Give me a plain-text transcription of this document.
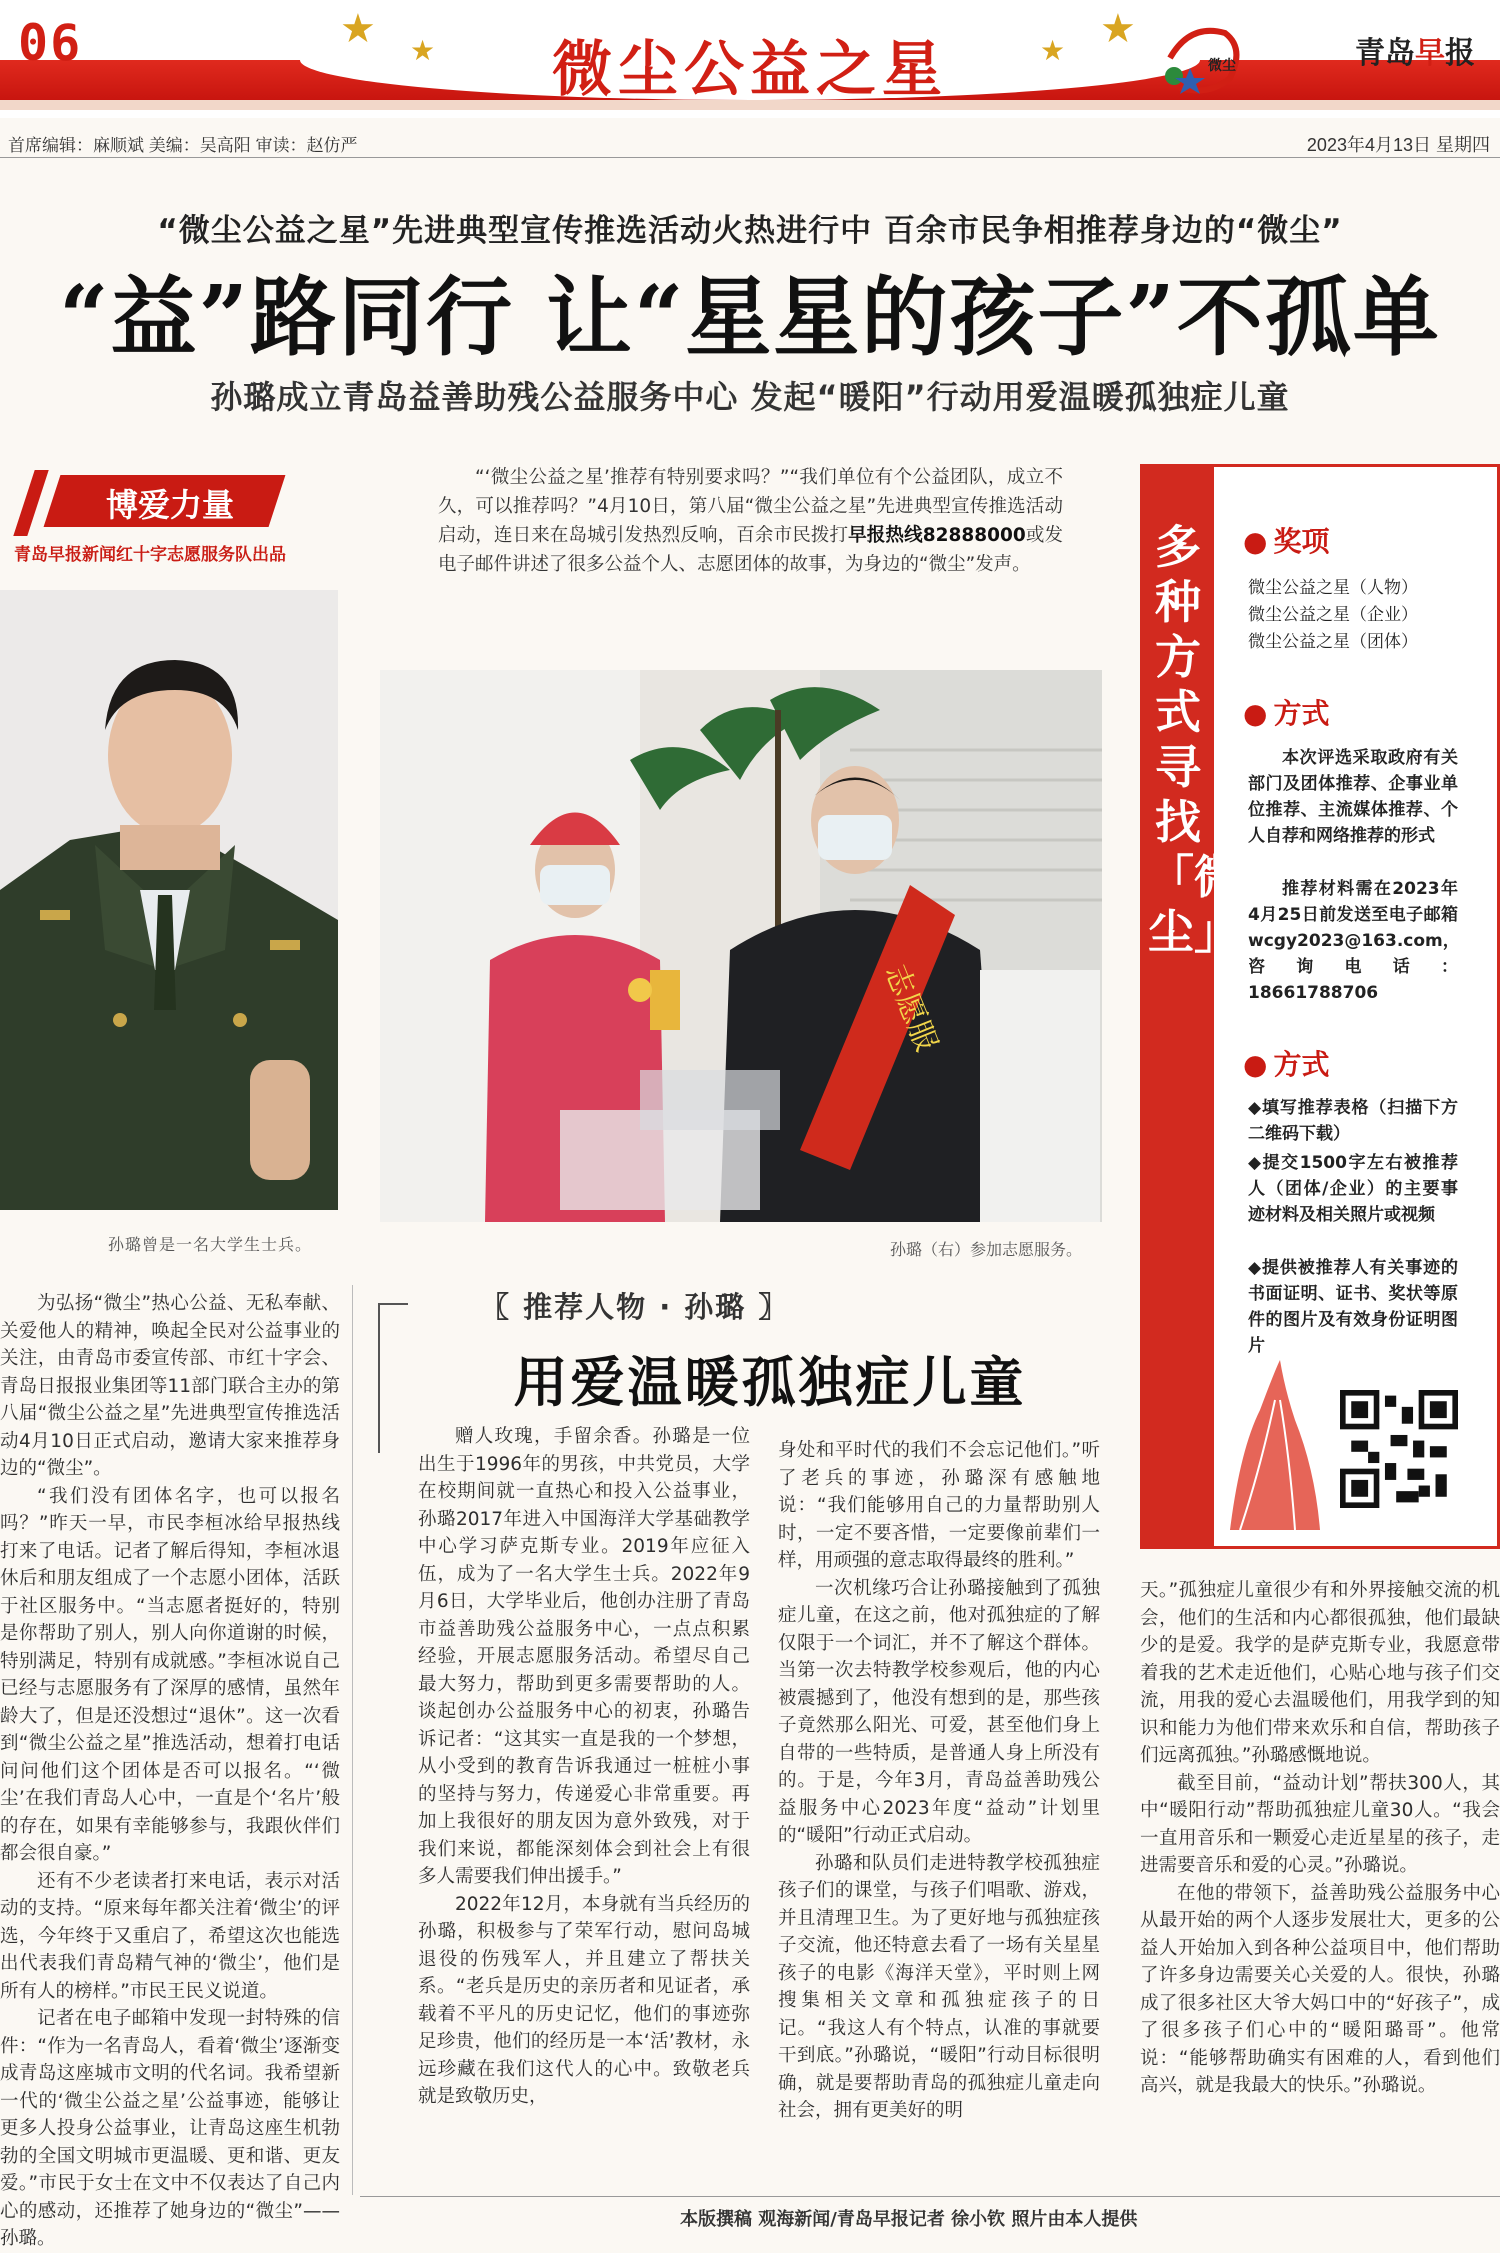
06	★ ★	★ ★
微尘公益之星	微尘	青岛早报
首席编辑：麻顺斌 美编：吴高阳 审读：赵仿严	2023年4月13日 星期四
“微尘公益之星”先进典型宣传推选活动火热进行中 百余市民争相推荐身边的“微尘”
“益”路同行 让“星星的孩子”不孤单
孙璐成立青岛益善助残公益服务中心 发起“暖阳”行动用爱温暖孤独症儿童
博爱力量
青岛早报新闻红十字志愿服务队出品
孙璐曾是一名大学生士兵。
“‘微尘公益之星’推荐有特别要求吗？”“我们单位有个公益团队，成立不久，可以推荐吗？”4月10日，第八届“微尘公益之星”先进典型宣传推选活动启动，连日来在岛城引发热烈反响，百余市民拨打早报热线82888000或发电子邮件讲述了很多公益个人、志愿团体的故事，为身边的“微尘”发声。
志愿服
孙璐（右）参加志愿服务。
多种方式寻找「微尘」
● 奖项
微尘公益之星（人物）
微尘公益之星（企业）
微尘公益之星（团体）
● 方式
本次评选采取政府有关部门及团体推荐、企事业单位推荐、主流媒体推荐、个人自荐和网络推荐的形式
推荐材料需在2023年4月25日前发送至电子邮箱wcgy2023@163.com，咨询电话：18661788706
● 方式
◆填写推荐表格（扫描下方二维码下载）
◆提交1500字左右被推荐人（团体/企业）的主要事迹材料及相关照片或视频
◆提供被推荐人有关事迹的书面证明、证书、奖状等原件的图片及有效身份证明图片
〖 推荐人物 · 孙璐 〗
用爱温暖孤独症儿童

为弘扬“微尘”热心公益、无私奉献、关爱他人的精神，唤起全民对公益事业的关注，由青岛市委宣传部、市红十字会、青岛日报报业集团等11部门联合主办的第八届“微尘公益之星”先进典型宣传推选活动4月10日正式启动，邀请大家来推荐身边的“微尘”。

“我们没有团体名字，也可以报名吗？”昨天一早，市民李桓冰给早报热线打来了电话。记者了解后得知，李桓冰退休后和朋友组成了一个志愿小团体，活跃于社区服务中。“当志愿者挺好的，特别是你帮助了别人，别人向你道谢的时候，特别满足，特别有成就感。”李桓冰说自己已经与志愿服务有了深厚的感情，虽然年龄大了，但是还没想过“退休”。这一次看到“微尘公益之星”推选活动，想着打电话问问他们这个团体是否可以报名。“‘微尘’在我们青岛人心中，一直是个‘名片’般的存在，如果有幸能够参与，我跟伙伴们都会很自豪。”

还有不少老读者打来电话，表示对活动的支持。“原来每年都关注着‘微尘’的评选，今年终于又重启了，希望这次也能选出代表我们青岛精气神的‘微尘’，他们是所有人的榜样。”市民王民义说道。

记者在电子邮箱中发现一封特殊的信件：“作为一名青岛人，看着‘微尘’逐渐变成青岛这座城市文明的代名词。我希望新一代的‘微尘公益之星’公益事迹，能够让更多人投身公益事业，让青岛这座生机勃勃的全国文明城市更温暖、更和谐、更友爱。”市民于女士在文中不仅表达了自己内心的感动，还推荐了她身边的“微尘”——孙璐。

赠人玫瑰，手留余香。孙璐是一位出生于1996年的男孩，中共党员，大学在校期间就一直热心和投入公益事业，孙璐2017年进入中国海洋大学基础教学中心学习萨克斯专业。2019年应征入伍，成为了一名大学生士兵。2022年9月6日，大学毕业后，他创办注册了青岛市益善助残公益服务中心，一点点积累经验，开展志愿服务活动。希望尽自己最大努力，帮助到更多需要帮助的人。谈起创办公益服务中心的初衷，孙璐告诉记者：“这其实一直是我的一个梦想，从小受到的教育告诉我通过一桩桩小事的坚持与努力，传递爱心非常重要。再加上我很好的朋友因为意外致残，对于我们来说，都能深刻体会到社会上有很多人需要我们伸出援手。”

2022年12月，本身就有当兵经历的孙璐，积极参与了荣军行动，慰问岛城退役的伤残军人，并且建立了帮扶关系。“老兵是历史的亲历者和见证者，承载着不平凡的历史记忆，他们的事迹弥足珍贵，他们的经历是一本‘活’教材，永远珍藏在我们这代人的心中。致敬老兵就是致敬历史，

身处和平时代的我们不会忘记他们。”听了老兵的事迹，孙璐深有感触地说：“我们能够用自己的力量帮助别人时，一定不要吝惜，一定要像前辈们一样，用顽强的意志取得最终的胜利。”

一次机缘巧合让孙璐接触到了孤独症儿童，在这之前，他对孤独症的了解仅限于一个词汇，并不了解这个群体。当第一次去特教学校参观后，他的内心被震撼到了，他没有想到的是，那些孩子竟然那么阳光、可爱，甚至他们身上自带的一些特质，是普通人身上所没有的。于是，今年3月，青岛益善助残公益服务中心2023年度“益动”计划里的“暖阳”行动正式启动。

孙璐和队员们走进特教学校孤独症孩子们的课堂，与孩子们唱歌、游戏，并且清理卫生。为了更好地与孤独症孩子交流，他还特意去看了一场有关星星孩子的电影《海洋天堂》，平时则上网搜集相关文章和孤独症孩子的日记。“我这人有个特点，认准的事就要干到底。”孙璐说，“暖阳”行动目标很明确，就是要帮助青岛的孤独症儿童走向社会，拥有更美好的明

天。”孤独症儿童很少有和外界接触交流的机会，他们的生活和内心都很孤独，他们最缺少的是爱。我学的是萨克斯专业，我愿意带着我的艺术走近他们，心贴心地与孩子们交流，用我的爱心去温暖他们，用我学到的知识和能力为他们带来欢乐和自信，帮助孩子们远离孤独。”孙璐感慨地说。

截至目前，“益动计划”帮扶300人，其中“暖阳行动”帮助孤独症儿童30人。“我会一直用音乐和一颗爱心走近星星的孩子，走进需要音乐和爱的心灵。”孙璐说。

在他的带领下，益善助残公益服务中心从最开始的两个人逐步发展壮大，更多的公益人开始加入到各种公益项目中，他们帮助了许多身边需要关心关爱的人。很快，孙璐成了很多社区大爷大妈口中的“好孩子”，成了很多孩子们心中的“暖阳璐哥”。他常说：“能够帮助确实有困难的人，看到他们高兴，就是我最大的快乐。”孙璐说。

本版撰稿 观海新闻/青岛早报记者 徐小钦 照片由本人提供
